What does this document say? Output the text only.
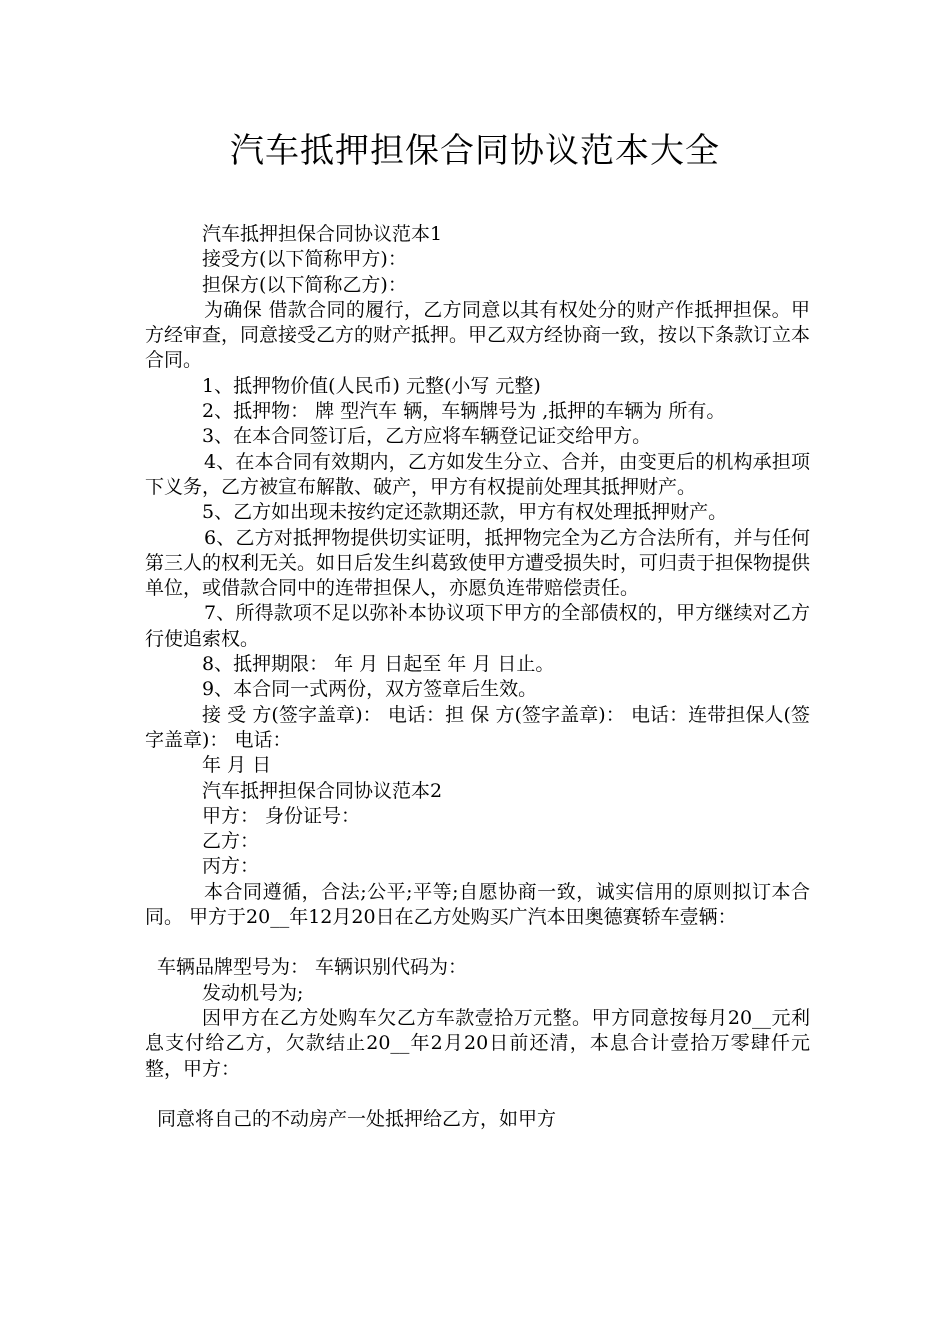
汽车抵押担保合同协议范本大全

汽车抵押担保合同协议范本1

接受方(以下简称甲方)：

担保方(以下简称乙方)：

为确保 借款合同的履行，乙方同意以其有权处分的财产作抵押担保。甲方经审查，同意接受乙方的财产抵押。甲乙双方经协商一致，按以下条款订立本合同。

1、抵押物价值(人民币) 元整(小写 元整)

2、抵押物： 牌 型汽车 辆，车辆牌号为 ,抵押的车辆为 所有。

3、在本合同签订后，乙方应将车辆登记证交给甲方。

4、在本合同有效期内，乙方如发生分立、合并，由变更后的机构承担项下义务，乙方被宣布解散、破产，甲方有权提前处理其抵押财产。

5、乙方如出现未按约定还款期还款，甲方有权处理抵押财产。

6、乙方对抵押物提供切实证明，抵押物完全为乙方合法所有，并与任何第三人的权利无关。如日后发生纠葛致使甲方遭受损失时，可归责于担保物提供单位，或借款合同中的连带担保人，亦愿负连带赔偿责任。

7、所得款项不足以弥补本协议项下甲方的全部债权的，甲方继续对乙方行使追索权。

8、抵押期限： 年 月 日起至 年 月 日止。

9、本合同一式两份，双方签章后生效。

接 受 方(签字盖章)： 电话：担 保 方(签字盖章)： 电话：连带担保人(签字盖章)： 电话：

年 月 日

汽车抵押担保合同协议范本2

甲方： 身份证号：

乙方：

丙方：

本合同遵循，合法;公平;平等;自愿协商一致，诚实信用的原则拟订本合同。 甲方于20__年12月20日在乙方处购买广汽本田奥德赛轿车壹辆：

车辆品牌型号为： 车辆识别代码为：

发动机号为;

因甲方在乙方处购车欠乙方车款壹拾万元整。甲方同意按每月20__元利息支付给乙方，欠款结止20__年2月20日前还清，本息合计壹拾万零肆仟元整，甲方：

同意将自己的不动房产一处抵押给乙方，如甲方
